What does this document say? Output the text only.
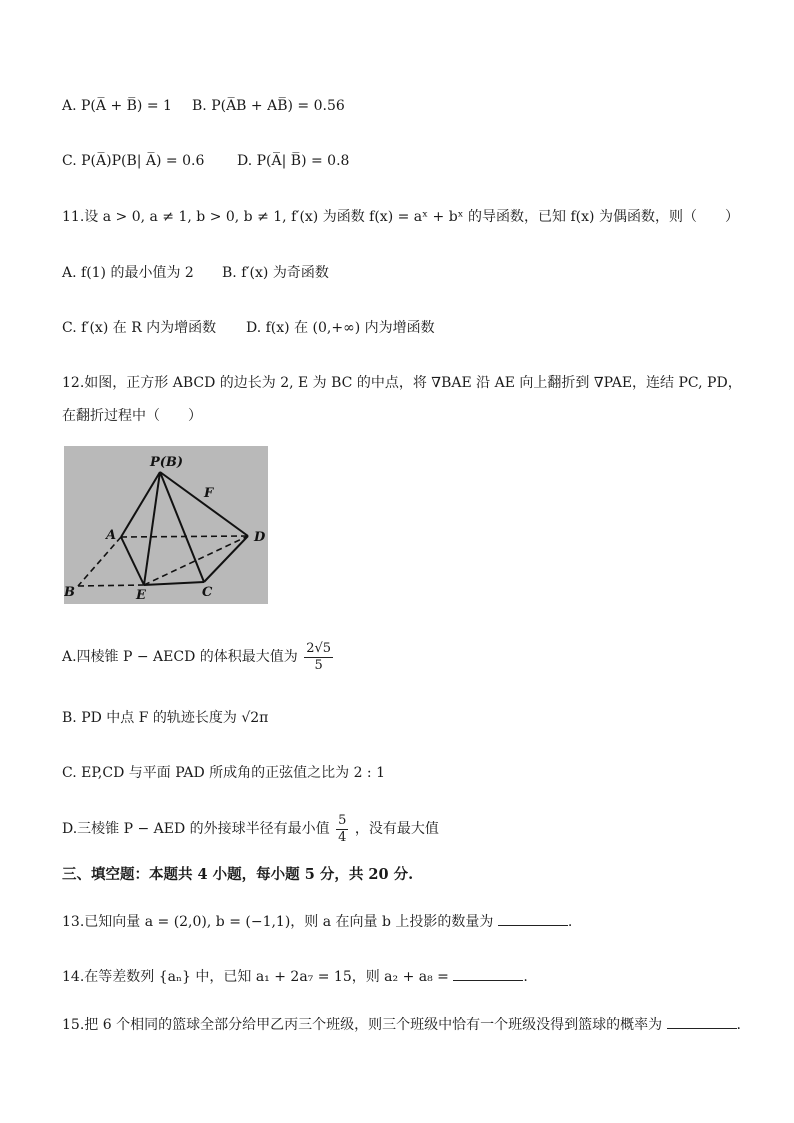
A. P(A̅ + B̅) = 1 B. P(A̅B + AB̅) = 0.56
C. P(A̅)P(B| A̅) = 0.6 D. P(A̅| B̅) = 0.8
11.设 a > 0, a ≠ 1, b > 0, b ≠ 1, f′(x) 为函数 f(x) = aˣ + bˣ 的导函数，已知 f(x) 为偶函数，则（　　）
A. f(1) 的最小值为 2 B. f′(x) 为奇函数
C. f′(x) 在 R 内为增函数 D. f(x) 在 (0,+∞) 内为增函数
12.如图，正方形 ABCD 的边长为 2, E 为 BC 的中点，将 ∇BAE 沿 AE 向上翻折到 ∇PAE，连结 PC, PD，
在翻折过程中（　　）
P(B)
F
A	D
B	E	C
A.四棱锥 P − AECD 的体积最大值为 $\frac{2√5}{5}$
B. PD 中点 F 的轨迹长度为 √2π
C. EP,CD 与平面 PAD 所成角的正弦值之比为 2 : 1
D.三棱锥 P − AED 的外接球半径有最小值 $\frac{5}{4}$ ，没有最大值
三、填空题：本题共 4 小题，每小题 5 分，共 20 分.
13.已知向量 a = (2,0), b = (−1,1)，则 a 在向量 b 上投影的数量为	.
14.在等差数列 {aₙ} 中，已知 a₁ + 2a₇ = 15，则 a₂ + a₈ =	.
15.把 6 个相同的篮球全部分给甲乙丙三个班级，则三个班级中恰有一个班级没得到篮球的概率为	.
